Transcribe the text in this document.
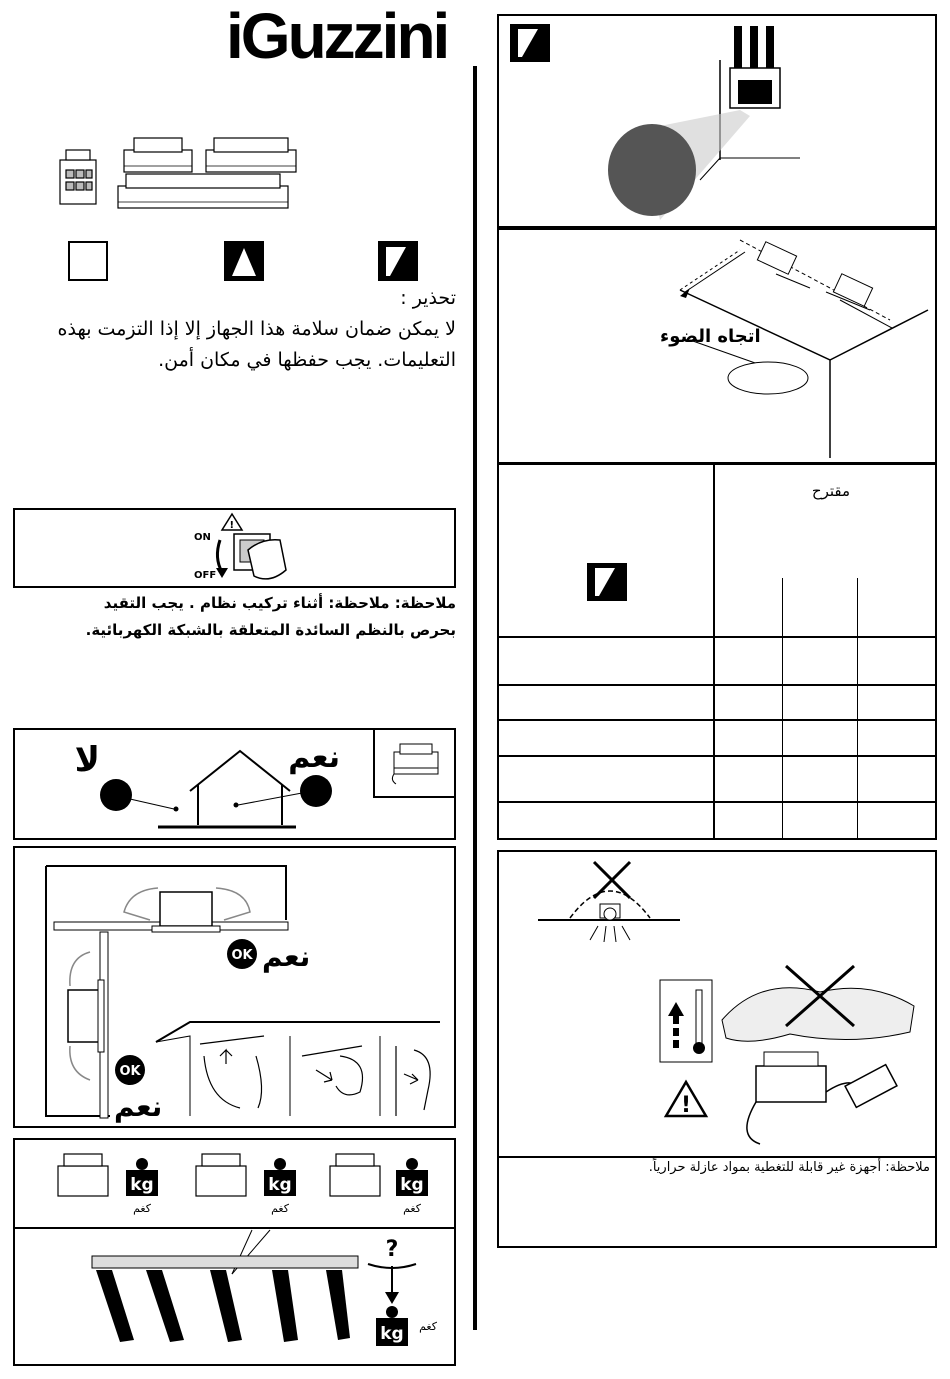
iGuzzini
تحذير :
لا يمكن ضمان سلامة هذا الجهاز إلا إذا التزمت بهذه
التعليمات. يجب حفظها في مكان أمن.
ON
OFF
!
ملاحظة: ملاحظة: أثناء تركيب نظام . يجب التقيد
بحرص بالنظم السائدة المتعلقة بالشبكة الكهربائية.
لا	نعم
OK نعم
OK
نعم
kg	kg	kg
كغم	كغم	كغم
?
kg كغم
اتجاه الضوء
مقترح
!
ملاحظة: أجهزة غير قابلة للتغطية بمواد عازلة حرارياً.
